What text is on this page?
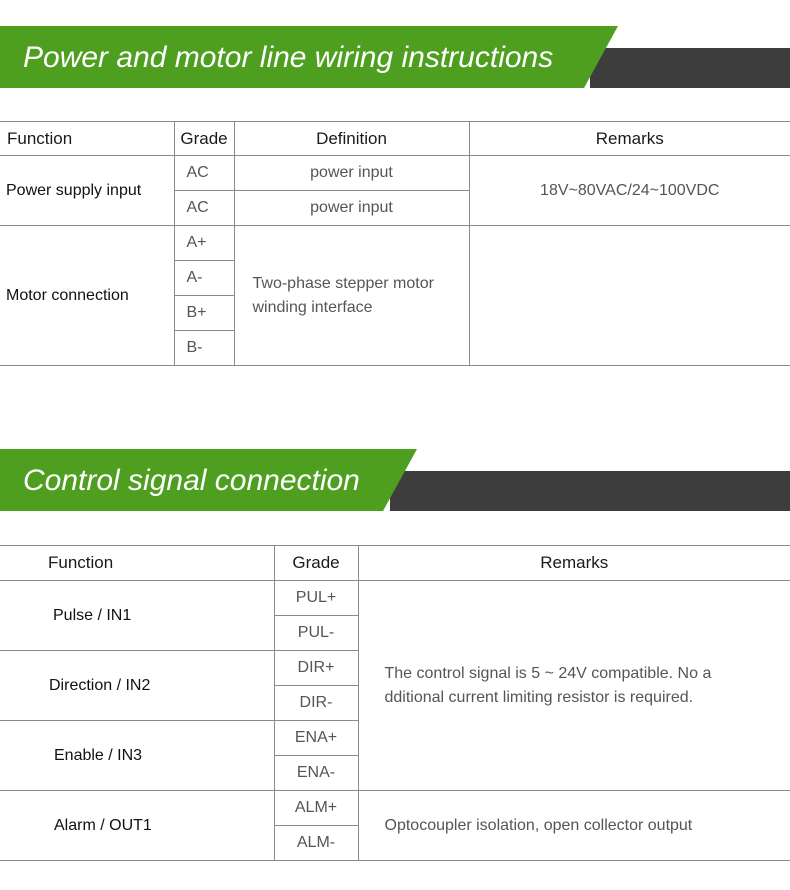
Power and motor line wiring instructions
Function	Grade	Definition	Remarks
Power supply input	AC	power input	18V~80VAC/24~100VDC
	AC	power input	
Motor connection	A+	Two-phase stepper motor
winding interface	

	A-		
	B+		
	B-		
Control signal connection
Function	Grade	Remarks
Pulse / IN1	PUL+	The control signal is 5 ~ 24V compatible. No a
dditional current limiting resistor is required.

	PUL-	
Direction / IN2	DIR+	
	DIR-	
Enable / IN3	ENA+	
	ENA-	
Alarm / OUT1	ALM+	Optocoupler isolation, open collector output
	ALM-	
